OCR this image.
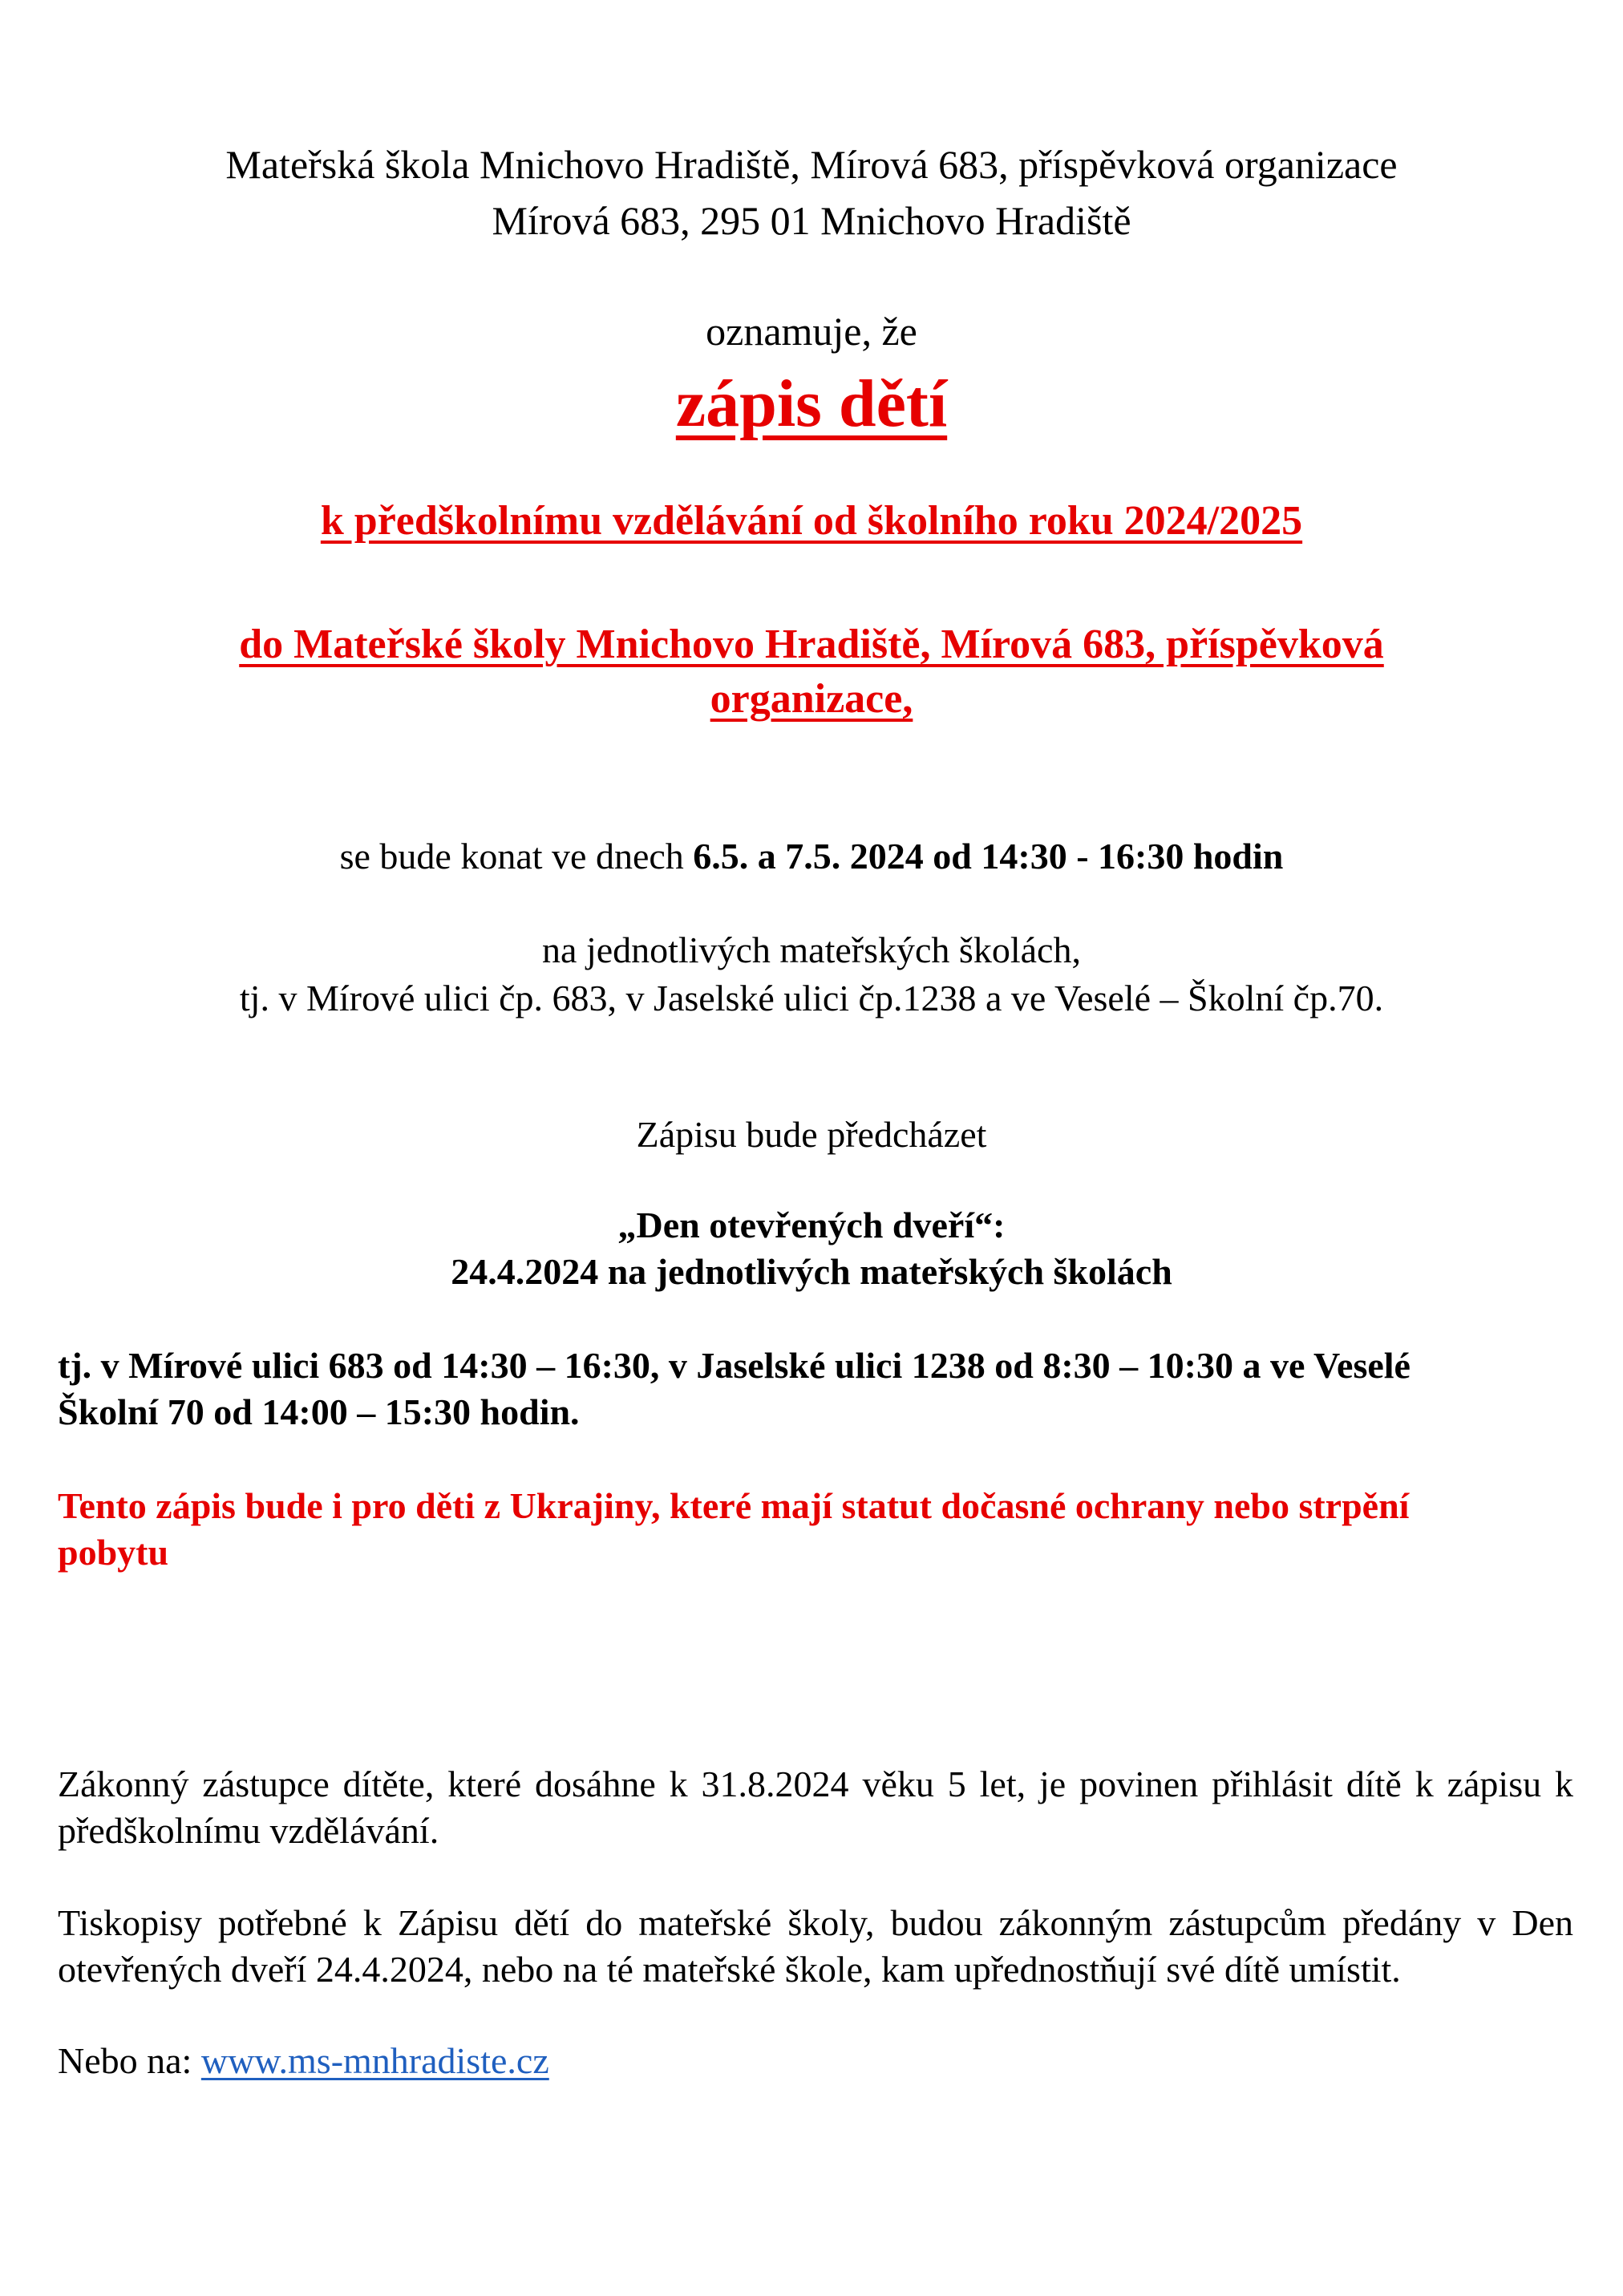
Mateřská škola Mnichovo Hradiště, Mírová 683, příspěvková organizace
Mírová 683, 295 01 Mnichovo Hradiště
oznamuje, že
zápis dětí
k předškolnímu vzdělávání od školního roku 2024/2025
do Mateřské školy Mnichovo Hradiště, Mírová 683, příspěvková
organizace,
se bude konat ve dnech 6.5. a 7.5. 2024 od 14:30 - 16:30 hodin
na jednotlivých mateřských školách,
tj. v Mírové ulici čp. 683, v Jaselské ulici čp.1238 a ve Veselé – Školní čp.70.
Zápisu bude předcházet
„Den otevřených dveří“:
24.4.2024 na jednotlivých mateřských školách
tj. v Mírové ulici 683 od 14:30 – 16:30, v Jaselské ulici 1238 od 8:30 – 10:30 a ve Veselé
Školní 70 od 14:00 – 15:30 hodin.
Tento zápis bude i pro děti z Ukrajiny, které mají statut dočasné ochrany nebo strpění
pobytu
Zákonný zástupce dítěte, které dosáhne k 31.8.2024 věku 5 let, je povinen přihlásit dítě k zápisu k předškolnímu vzdělávání.
Tiskopisy potřebné k Zápisu dětí do mateřské školy, budou zákonným zástupcům předány v Den otevřených dveří 24.4.2024, nebo na té mateřské škole, kam upřednostňují své dítě umístit.
Nebo na: www.ms-mnhradiste.cz
